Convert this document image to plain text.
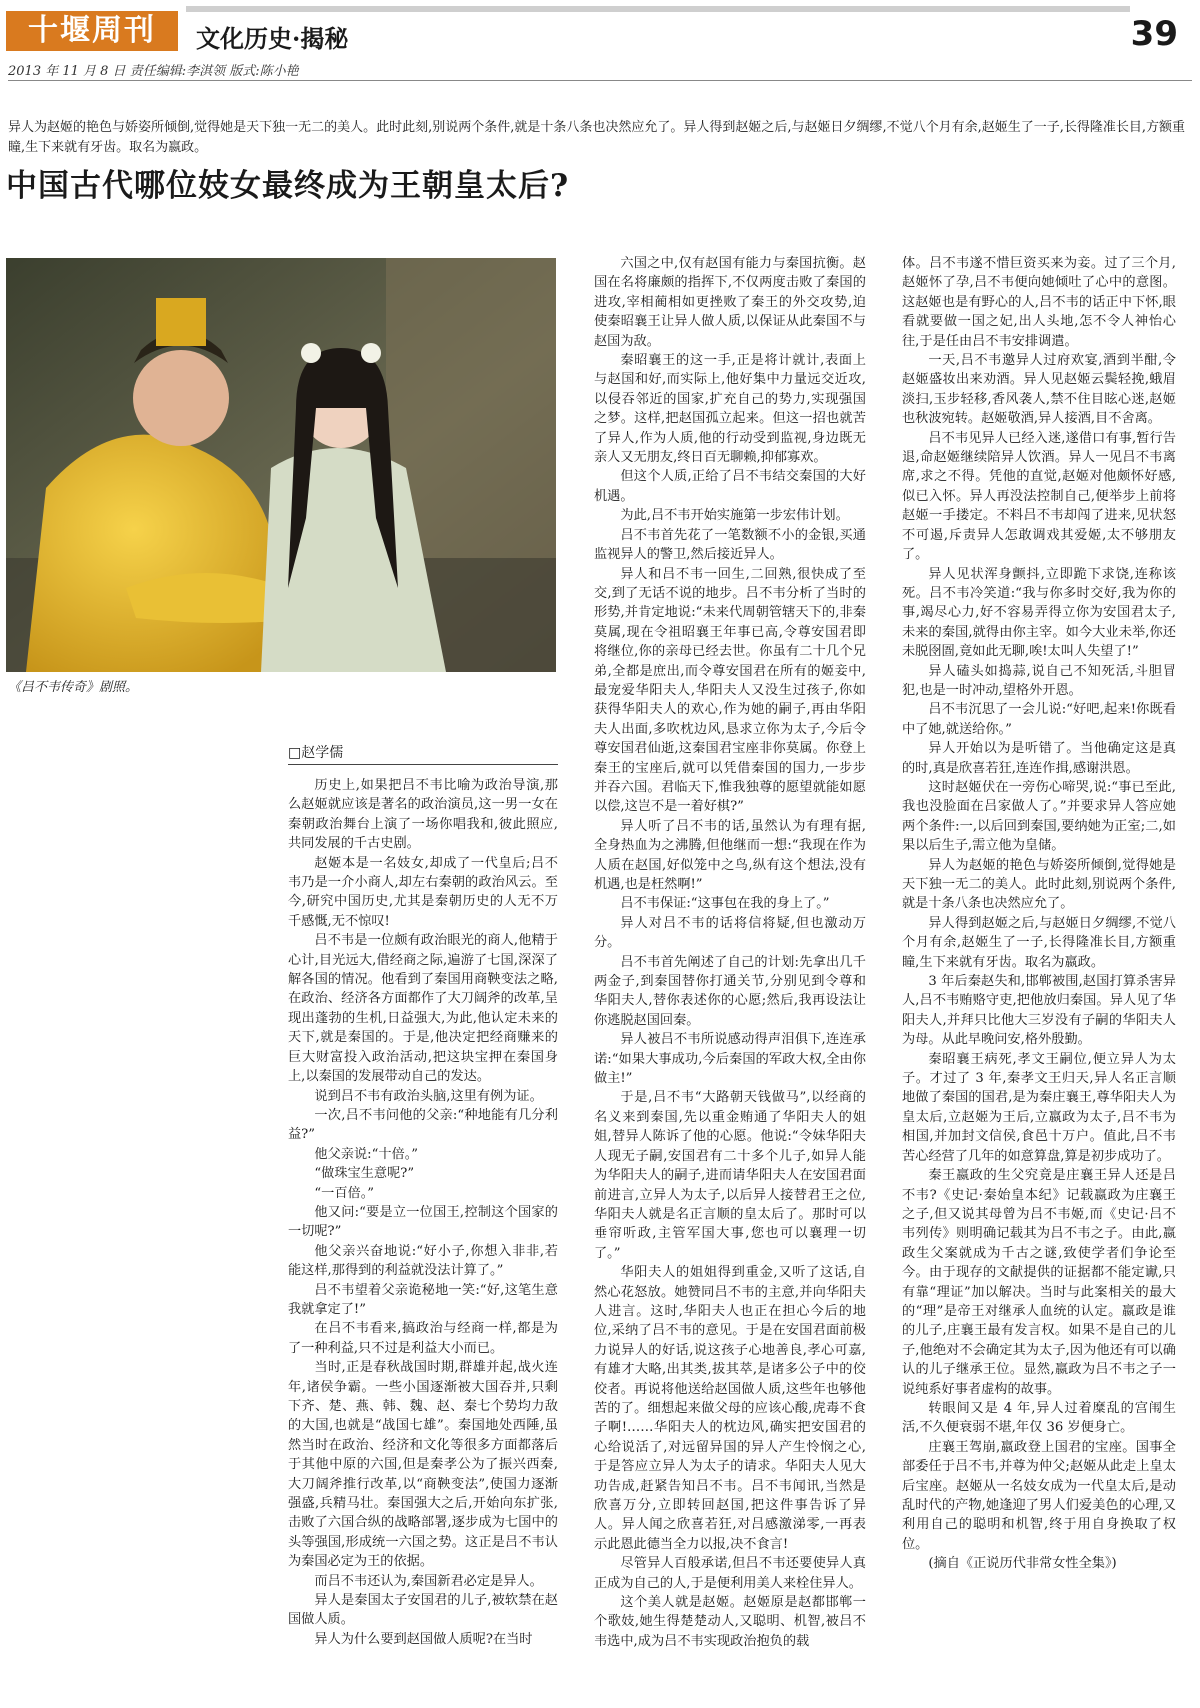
十堰周刊	文化历史·揭秘	39
2013 年 11 月 8 日 责任编辑:李淇领 版式:陈小艳
异人为赵姬的艳色与娇姿所倾倒,觉得她是天下独一无二的美人。此时此刻,别说两个条件,就是十条八条也决然应允了。异人得到赵姬之后,与赵姬日夕绸缪,不觉八个月有余,赵姬生了一子,长得隆准长目,方额重瞳,生下来就有牙齿。取名为嬴政。
中国古代哪位妓女最终成为王朝皇太后?
《吕不韦传奇》剧照。
□赵学儒

历史上,如果把吕不韦比喻为政治导演,那么赵姬就应该是著名的政治演员,这一男一女在秦朝政治舞台上演了一场你唱我和,彼此照应,共同发展的千古史剧。

赵姬本是一名妓女,却成了一代皇后;吕不韦乃是一介小商人,却左右秦朝的政治风云。至今,研究中国历史,尤其是秦朝历史的人无不万千感慨,无不惊叹!

吕不韦是一位颇有政治眼光的商人,他精于心计,目光远大,借经商之际,遍游了七国,深深了解各国的情况。他看到了秦国用商鞅变法之略,在政治、经济各方面都作了大刀阔斧的改革,呈现出蓬勃的生机,日益强大,为此,他认定未来的天下,就是秦国的。于是,他决定把经商赚来的巨大财富投入政治活动,把这块宝押在秦国身上,以秦国的发展带动自己的发达。

说到吕不韦有政治头脑,这里有例为证。

一次,吕不韦问他的父亲:“种地能有几分利益?”

他父亲说:“十倍。”

“做珠宝生意呢?”

“一百倍。”

他又问:“要是立一位国王,控制这个国家的一切呢?”

他父亲兴奋地说:“好小子,你想入非非,若能这样,那得到的利益就没法计算了。”

吕不韦望着父亲诡秘地一笑:“好,这笔生意我就拿定了!”

在吕不韦看来,搞政治与经商一样,都是为了一种利益,只不过是利益大小而已。

当时,正是春秋战国时期,群雄并起,战火连年,诸侯争霸。一些小国逐渐被大国吞并,只剩下齐、楚、燕、韩、魏、赵、秦七个势均力敌的大国,也就是“战国七雄”。秦国地处西陲,虽然当时在政治、经济和文化等很多方面都落后于其他中原的六国,但是秦孝公为了振兴西秦,大刀阔斧推行改革,以“商鞅变法”,使国力逐渐强盛,兵精马壮。秦国强大之后,开始向东扩张,击败了六国合纵的战略部署,逐步成为七国中的头等强国,形成统一六国之势。这正是吕不韦认为秦国必定为王的依据。

而吕不韦还认为,秦国新君必定是异人。

异人是秦国太子安国君的儿子,被软禁在赵国做人质。

异人为什么要到赵国做人质呢?在当时

六国之中,仅有赵国有能力与秦国抗衡。赵国在名将廉颇的指挥下,不仅两度击败了秦国的进攻,宰相蔺相如更挫败了秦王的外交攻势,迫使秦昭襄王让异人做人质,以保证从此秦国不与赵国为敌。

秦昭襄王的这一手,正是将计就计,表面上与赵国和好,而实际上,他好集中力量远交近攻,以侵吞邻近的国家,扩充自己的势力,实现强国之梦。这样,把赵国孤立起来。但这一招也就苦了异人,作为人质,他的行动受到监视,身边既无亲人又无朋友,终日百无聊赖,抑郁寡欢。

但这个人质,正给了吕不韦结交秦国的大好机遇。

为此,吕不韦开始实施第一步宏伟计划。

吕不韦首先花了一笔数额不小的金银,买通监视异人的警卫,然后接近异人。

异人和吕不韦一回生,二回熟,很快成了至交,到了无话不说的地步。吕不韦分析了当时的形势,并肯定地说:“未来代周朝管辖天下的,非秦莫属,现在令祖昭襄王年事已高,令尊安国君即将继位,你的亲母已经去世。你虽有二十几个兄弟,全都是庶出,而令尊安国君在所有的姬妾中,最宠爱华阳夫人,华阳夫人又没生过孩子,你如获得华阳夫人的欢心,作为她的嗣子,再由华阳夫人出面,多吹枕边风,恳求立你为太子,今后令尊安国君仙逝,这秦国君宝座非你莫属。你登上秦王的宝座后,就可以凭借秦国的国力,一步步并吞六国。君临天下,惟我独尊的愿望就能如愿以偿,这岂不是一着好棋?”

异人听了吕不韦的话,虽然认为有理有据,全身热血为之沸腾,但他继而一想:“我现在作为人质在赵国,好似笼中之鸟,纵有这个想法,没有机遇,也是枉然啊!”

吕不韦保证:“这事包在我的身上了。”

异人对吕不韦的话将信将疑,但也激动万分。

吕不韦首先阐述了自己的计划:先拿出几千两金子,到秦国替你打通关节,分别见到令尊和华阳夫人,替你表述你的心愿;然后,我再设法让你逃脱赵国回秦。

异人被吕不韦所说感动得声泪俱下,连连承诺:“如果大事成功,今后秦国的军政大权,全由你做主!”

于是,吕不韦“大路朝天钱做马”,以经商的名义来到秦国,先以重金贿通了华阳夫人的姐姐,替异人陈诉了他的心愿。他说:“令妹华阳夫人现无子嗣,安国君有二十多个儿子,如异人能为华阳夫人的嗣子,进而请华阳夫人在安国君面前进言,立异人为太子,以后异人接替君王之位,华阳夫人就是名正言顺的皇太后了。那时可以垂帘听政,主管军国大事,您也可以襄理一切了。”

华阳夫人的姐姐得到重金,又听了这话,自然心花怒放。她赞同吕不韦的主意,并向华阳夫人进言。这时,华阳夫人也正在担心今后的地位,采纳了吕不韦的意见。于是在安国君面前极力说异人的好话,说这孩子心地善良,孝心可嘉,有雄才大略,出其类,拔其萃,是诸多公子中的佼佼者。再说将他送给赵国做人质,这些年也够他苦的了。细想起来做父母的应该心酸,虎毒不食子啊!……华阳夫人的枕边风,确实把安国君的心给说活了,对远留异国的异人产生怜悯之心,于是答应立异人为太子的请求。华阳夫人见大功告成,赶紧告知吕不韦。吕不韦闻讯,当然是欣喜万分,立即转回赵国,把这件事告诉了异人。异人闻之欣喜若狂,对吕感激涕零,一再表示此恩此德当全力以报,决不食言!

尽管异人百般承诺,但吕不韦还要使异人真正成为自己的人,于是便利用美人来栓住异人。

这个美人就是赵姬。赵姬原是赵都邯郸一个歌妓,她生得楚楚动人,又聪明、机智,被吕不韦选中,成为吕不韦实现政治抱负的载

体。吕不韦遂不惜巨资买来为妾。过了三个月,赵姬怀了孕,吕不韦便向她倾吐了心中的意图。这赵姬也是有野心的人,吕不韦的话正中下怀,眼看就要做一国之妃,出人头地,怎不令人神怡心往,于是任由吕不韦安排调遣。

一天,吕不韦邀异人过府欢宴,酒到半酣,令赵姬盛妆出来劝酒。异人见赵姬云鬓轻挽,蛾眉淡扫,玉步轻移,香风袭人,禁不住目眩心迷,赵姬也秋波宛转。赵姬敬酒,异人接酒,目不舍离。

吕不韦见异人已经入迷,遂借口有事,暂行告退,命赵姬继续陪异人饮酒。异人一见吕不韦离席,求之不得。凭他的直觉,赵姬对他颇怀好感,似已入怀。异人再没法控制自己,便举步上前将赵姬一手搂定。不料吕不韦却闯了进来,见状怒不可遏,斥责异人怎敢调戏其爱姬,太不够朋友了。

异人见状浑身颤抖,立即跪下求饶,连称该死。吕不韦冷笑道:“我与你多时交好,我为你的事,竭尽心力,好不容易弄得立你为安国君太子,未来的秦国,就得由你主宰。如今大业未举,你还未脱囹圄,竟如此无聊,唉!太叫人失望了!”

异人磕头如捣蒜,说自己不知死活,斗胆冒犯,也是一时冲动,望格外开恩。

吕不韦沉思了一会儿说:“好吧,起来!你既看中了她,就送给你。”

异人开始以为是听错了。当他确定这是真的时,真是欣喜若狂,连连作揖,感谢洪恩。

这时赵姬伏在一旁伤心啼哭,说:“事已至此,我也没脸面在吕家做人了。”并要求异人答应她两个条件:一,以后回到秦国,要纳她为正室;二,如果以后生子,需立他为皇储。

异人为赵姬的艳色与娇姿所倾倒,觉得她是天下独一无二的美人。此时此刻,别说两个条件,就是十条八条也决然应允了。

异人得到赵姬之后,与赵姬日夕绸缪,不觉八个月有余,赵姬生了一子,长得隆准长目,方额重瞳,生下来就有牙齿。取名为嬴政。

3 年后秦赵失和,邯郸被围,赵国打算杀害异人,吕不韦贿赂守吏,把他放归秦国。异人见了华阳夫人,并拜只比他大三岁没有子嗣的华阳夫人为母。从此早晚问安,格外殷勤。

秦昭襄王病死,孝文王嗣位,便立异人为太子。才过了 3 年,秦孝文王归天,异人名正言顺地做了秦国的国君,是为秦庄襄王,尊华阳夫人为皇太后,立赵姬为王后,立嬴政为太子,吕不韦为相国,并加封文信侯,食邑十万户。值此,吕不韦苦心经营了几年的如意算盘,算是初步成功了。

秦王嬴政的生父究竟是庄襄王异人还是吕不韦?《史记·秦始皇本纪》记载嬴政为庄襄王之子,但又说其母曾为吕不韦姬,而《史记·吕不韦列传》则明确记载其为吕不韦之子。由此,嬴政生父案就成为千古之谜,致使学者们争论至今。由于现存的文献提供的证据都不能定谳,只有靠“理证”加以解决。当时与此案相关的最大的“理”是帝王对继承人血统的认定。嬴政是谁的儿子,庄襄王最有发言权。如果不是自己的儿子,他绝对不会确定其为太子,因为他还有可以确认的儿子继承王位。显然,嬴政为吕不韦之子一说纯系好事者虚构的故事。

转眼间又是 4 年,异人过着糜乱的宫闱生活,不久便衰弱不堪,年仅 36 岁便身亡。

庄襄王驾崩,嬴政登上国君的宝座。国事全部委任于吕不韦,并尊为仲父;赵姬从此走上皇太后宝座。赵姬从一名妓女成为一代皇太后,是动乱时代的产物,她逢迎了男人们爱美色的心理,又利用自己的聪明和机智,终于用自身换取了权位。

(摘自《正说历代非常女性全集》)
